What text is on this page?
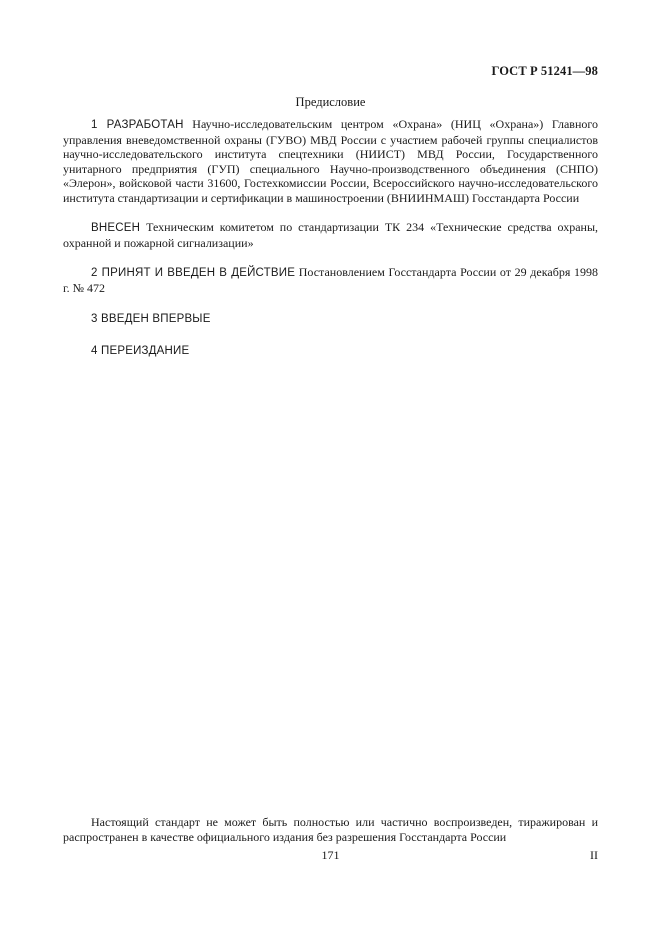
ГОСТ Р 51241—98
Предисловие

1 РАЗРАБОТАН Научно-исследовательским центром «Охрана» (НИЦ «Охрана») Главного управления вневедомственной охраны (ГУВО) МВД России с участием рабочей группы специалистов научно-исследовательского института спецтехники (НИИСТ) МВД России, Государственного унитарного предприятия (ГУП) специального Научно-производственного объединения (СНПО) «Элерон», войсковой части 31600, Гостехкомиссии России, Всероссийского научно-исследовательского института стандартизации и сертификации в машиностроении (ВНИИНМАШ) Госстандарта России

ВНЕСЕН Техническим комитетом по стандартизации ТК 234 «Технические средства охраны, охранной и пожарной сигнализации»

2 ПРИНЯТ И ВВЕДЕН В ДЕЙСТВИЕ Постановлением Госстандарта России от 29 декабря 1998 г. № 472

3 ВВЕДЕН ВПЕРВЫЕ

4 ПЕРЕИЗДАНИЕ

Настоящий стандарт не может быть полностью или частично воспроизведен, тиражирован и распространен в качестве официального издания без разрешения Госстандарта России

171	II
